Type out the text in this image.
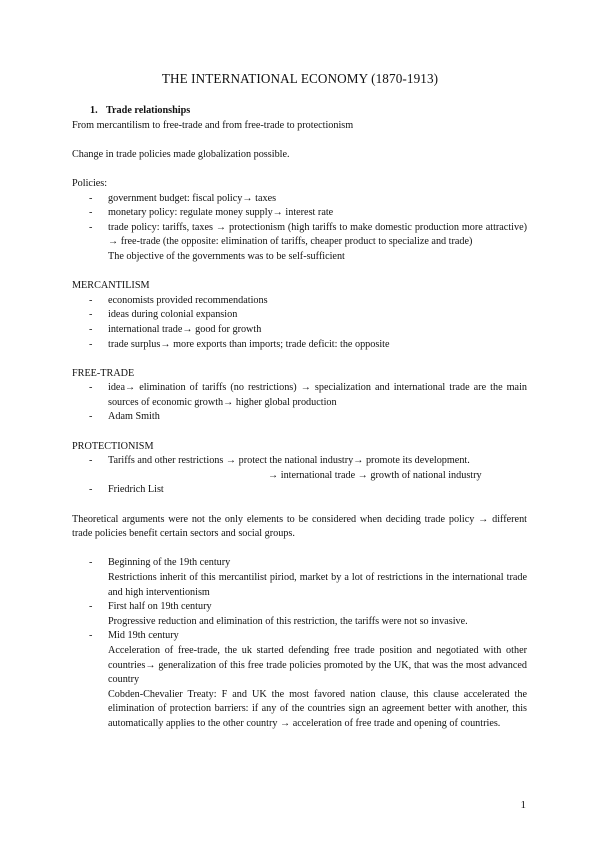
THE INTERNATIONAL ECONOMY (1870-1913)
1. Trade relationships

From mercantilism to free-trade and from free-trade to protectionism

Change in trade policies made globalization possible.

Policies:

- government budget: fiscal policy→ taxes
- monetary policy: regulate money supply→ interest rate
- trade policy: tariffs, taxes → protectionism (high tariffs to make domestic production more attractive) → free-trade (the opposite: elimination of tariffs, cheaper product to specialize and trade)

The objective of the governments was to be self-sufficient

MERCANTILISM

- economists provided recommendations
- ideas during colonial expansion
- international trade→ good for growth
- trade surplus→ more exports than imports; trade deficit: the opposite

FREE-TRADE

- idea→ elimination of tariffs (no restrictions) → specialization and international trade are the main sources of economic growth→ higher global production
- Adam Smith

PROTECTIONISM

- Tariffs and other restrictions → protect the national industry→ promote its development.
→ international trade → growth of national industry
- Friedrich List

Theoretical arguments were not the only elements to be considered when deciding trade policy → different trade policies benefit certain sectors and social groups.

- Beginning of the 19th century
Restrictions inherit of this mercantilist piriod, market by a lot of restrictions in the international trade and high interventionism
- First half on 19th century
Progressive reduction and elimination of this restriction, the tariffs were not so invasive.
- Mid 19th century
Acceleration of free-trade, the uk started defending free trade position and negotiated with other countries→ generalization of this free trade policies promoted by the UK, that was the most advanced country
Cobden-Chevalier Treaty: F and UK the most favored nation clause, this clause accelerated the elimination of protection barriers: if any of the countries sign an agreement better with another, this automatically applies to the other country → acceleration of free trade and opening of countries.
1
